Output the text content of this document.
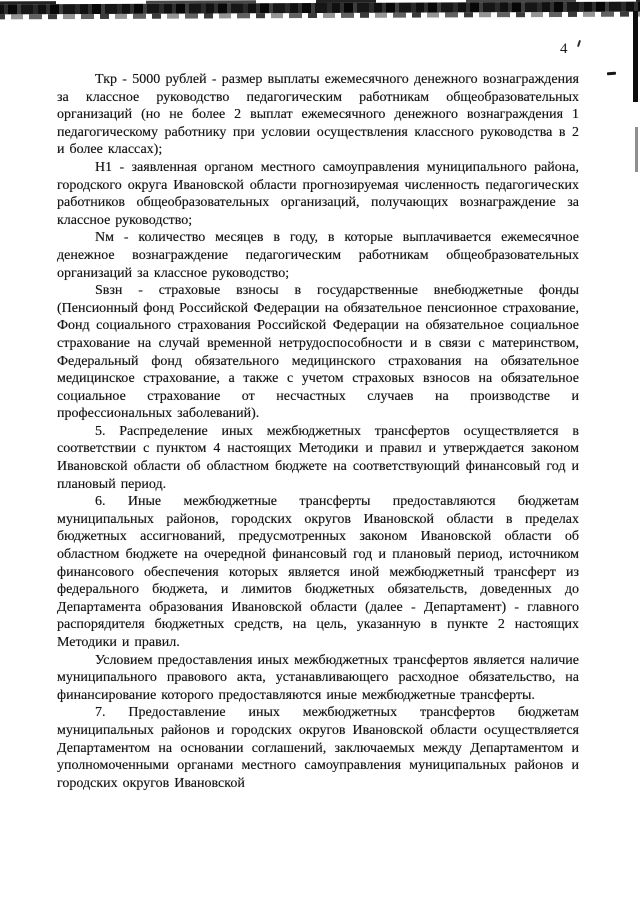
4

Ткр - 5000 рублей - размер выплаты ежемесячного денежного вознаграждения за классное руководство педагогическим работникам общеобразовательных организаций (но не более 2 выплат ежемесячного денежного вознаграждения 1 педагогическому работнику при условии осуществления классного руководства в 2 и более классах);

Н1 - заявленная органом местного самоуправления муниципального района, городского округа Ивановской области прогнозируемая численность педагогических работников общеобразовательных организаций, получающих вознаграждение за классное руководство;

Nм - количество месяцев в году, в которые выплачивается ежемесячное денежное вознаграждение педагогическим работникам общеобразовательных организаций за классное руководство;

Sвзн - страховые взносы в государственные внебюджетные фонды (Пенсионный фонд Российской Федерации на обязательное пенсионное страхование, Фонд социального страхования Российской Федерации на обязательное социальное страхование на случай временной нетрудоспособности и в связи с материнством, Федеральный фонд обязательного медицинского страхования на обязательное медицинское страхование, а также с учетом страховых взносов на обязательное социальное страхование от несчастных случаев на производстве и профессиональных заболеваний).

5. Распределение иных межбюджетных трансфертов осуществляется в соответствии с пунктом 4 настоящих Методики и правил и утверждается законом Ивановской области об областном бюджете на соответствующий финансовый год и плановый период.

6. Иные межбюджетные трансферты предоставляются бюджетам муниципальных районов, городских округов Ивановской области в пределах бюджетных ассигнований, предусмотренных законом Ивановской области об областном бюджете на очередной финансовый год и плановый период, источником финансового обеспечения которых является иной межбюджетный трансферт из федерального бюджета, и лимитов бюджетных обязательств, доведенных до Департамента образования Ивановской области (далее - Департамент) - главного распорядителя бюджетных средств, на цель, указанную в пункте 2 настоящих Методики и правил.

Условием предоставления иных межбюджетных трансфертов является наличие муниципального правового акта, устанавливающего расходное обязательство, на финансирование которого предоставляются иные межбюджетные трансферты.

7. Предоставление иных межбюджетных трансфертов бюджетам муниципальных районов и городских округов Ивановской области осуществляется Департаментом на основании соглашений, заключаемых между Департаментом и уполномоченными органами местного самоуправления муниципальных районов и городских округов Ивановской
